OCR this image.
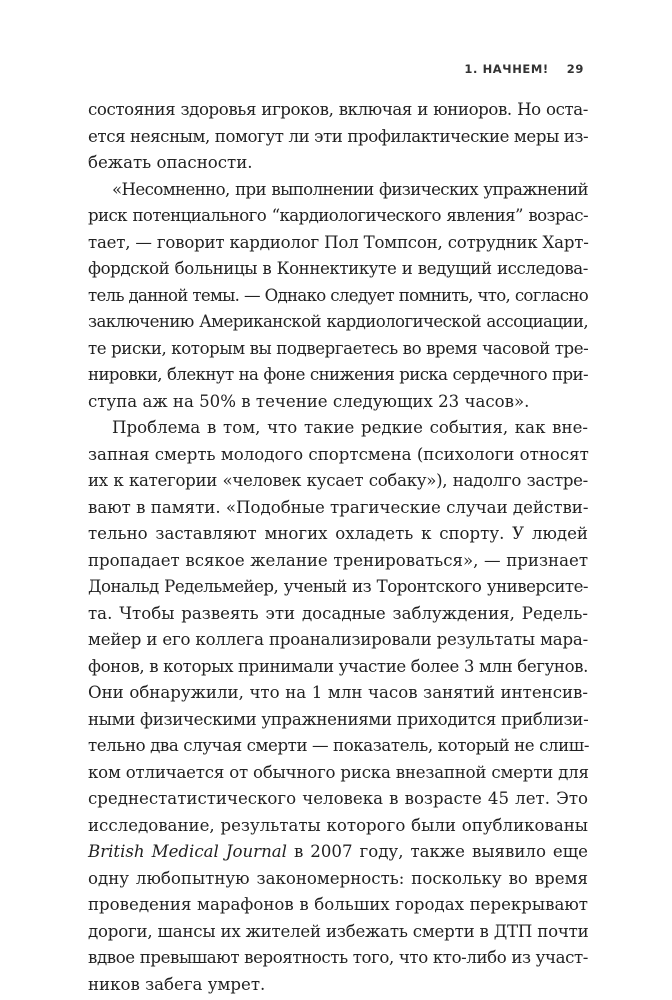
1. НАЧНЕМ! 29
состояния здоровья игроков, включая и юниоров. Но оста-
ется неясным, помогут ли эти профилактические меры из-
бежать опасности.
«Несомненно, при выполнении физических упражнений
риск потенциального “кардиологического явления” возрас-
тает, — говорит кардиолог Пол Томпсон, сотрудник Харт-
фордской больницы в Коннектикуте и ведущий исследова-
тель данной темы. — Однако следует помнить, что, согласно
заключению Американской кардиологической ассоциации,
те риски, которым вы подвергаетесь во время часовой тре-
нировки, блекнут на фоне снижения риска сердечного при-
ступа аж на 50% в течение следующих 23 часов».
Проблема в том, что такие редкие события, как вне-
запная смерть молодого спортсмена (психологи относят
их к категории «человек кусает собаку»), надолго застре-
вают в памяти. «Подобные трагические случаи действи-
тельно заставляют многих охладеть к спорту. У людей
пропадает всякое желание тренироваться», — признает
Дональд Редельмейер, ученый из Торонтского университе-
та. Чтобы развеять эти досадные заблуждения, Редель-
мейер и его коллега проанализировали результаты мара-
фонов, в которых принимали участие более 3 млн бегунов.
Они обнаружили, что на 1 млн часов занятий интенсив-
ными физическими упражнениями приходится приблизи-
тельно два случая смерти — показатель, который не слиш-
ком отличается от обычного риска внезапной смерти для
среднестатистического человека в возрасте 45 лет. Это
исследование, результаты которого были опубликованы
British Medical Journal в 2007 году, также выявило еще
одну любопытную закономерность: поскольку во время
проведения марафонов в больших городах перекрывают
дороги, шансы их жителей избежать смерти в ДТП почти
вдвое превышают вероятность того, что кто-либо из участ-
ников забега умрет.
